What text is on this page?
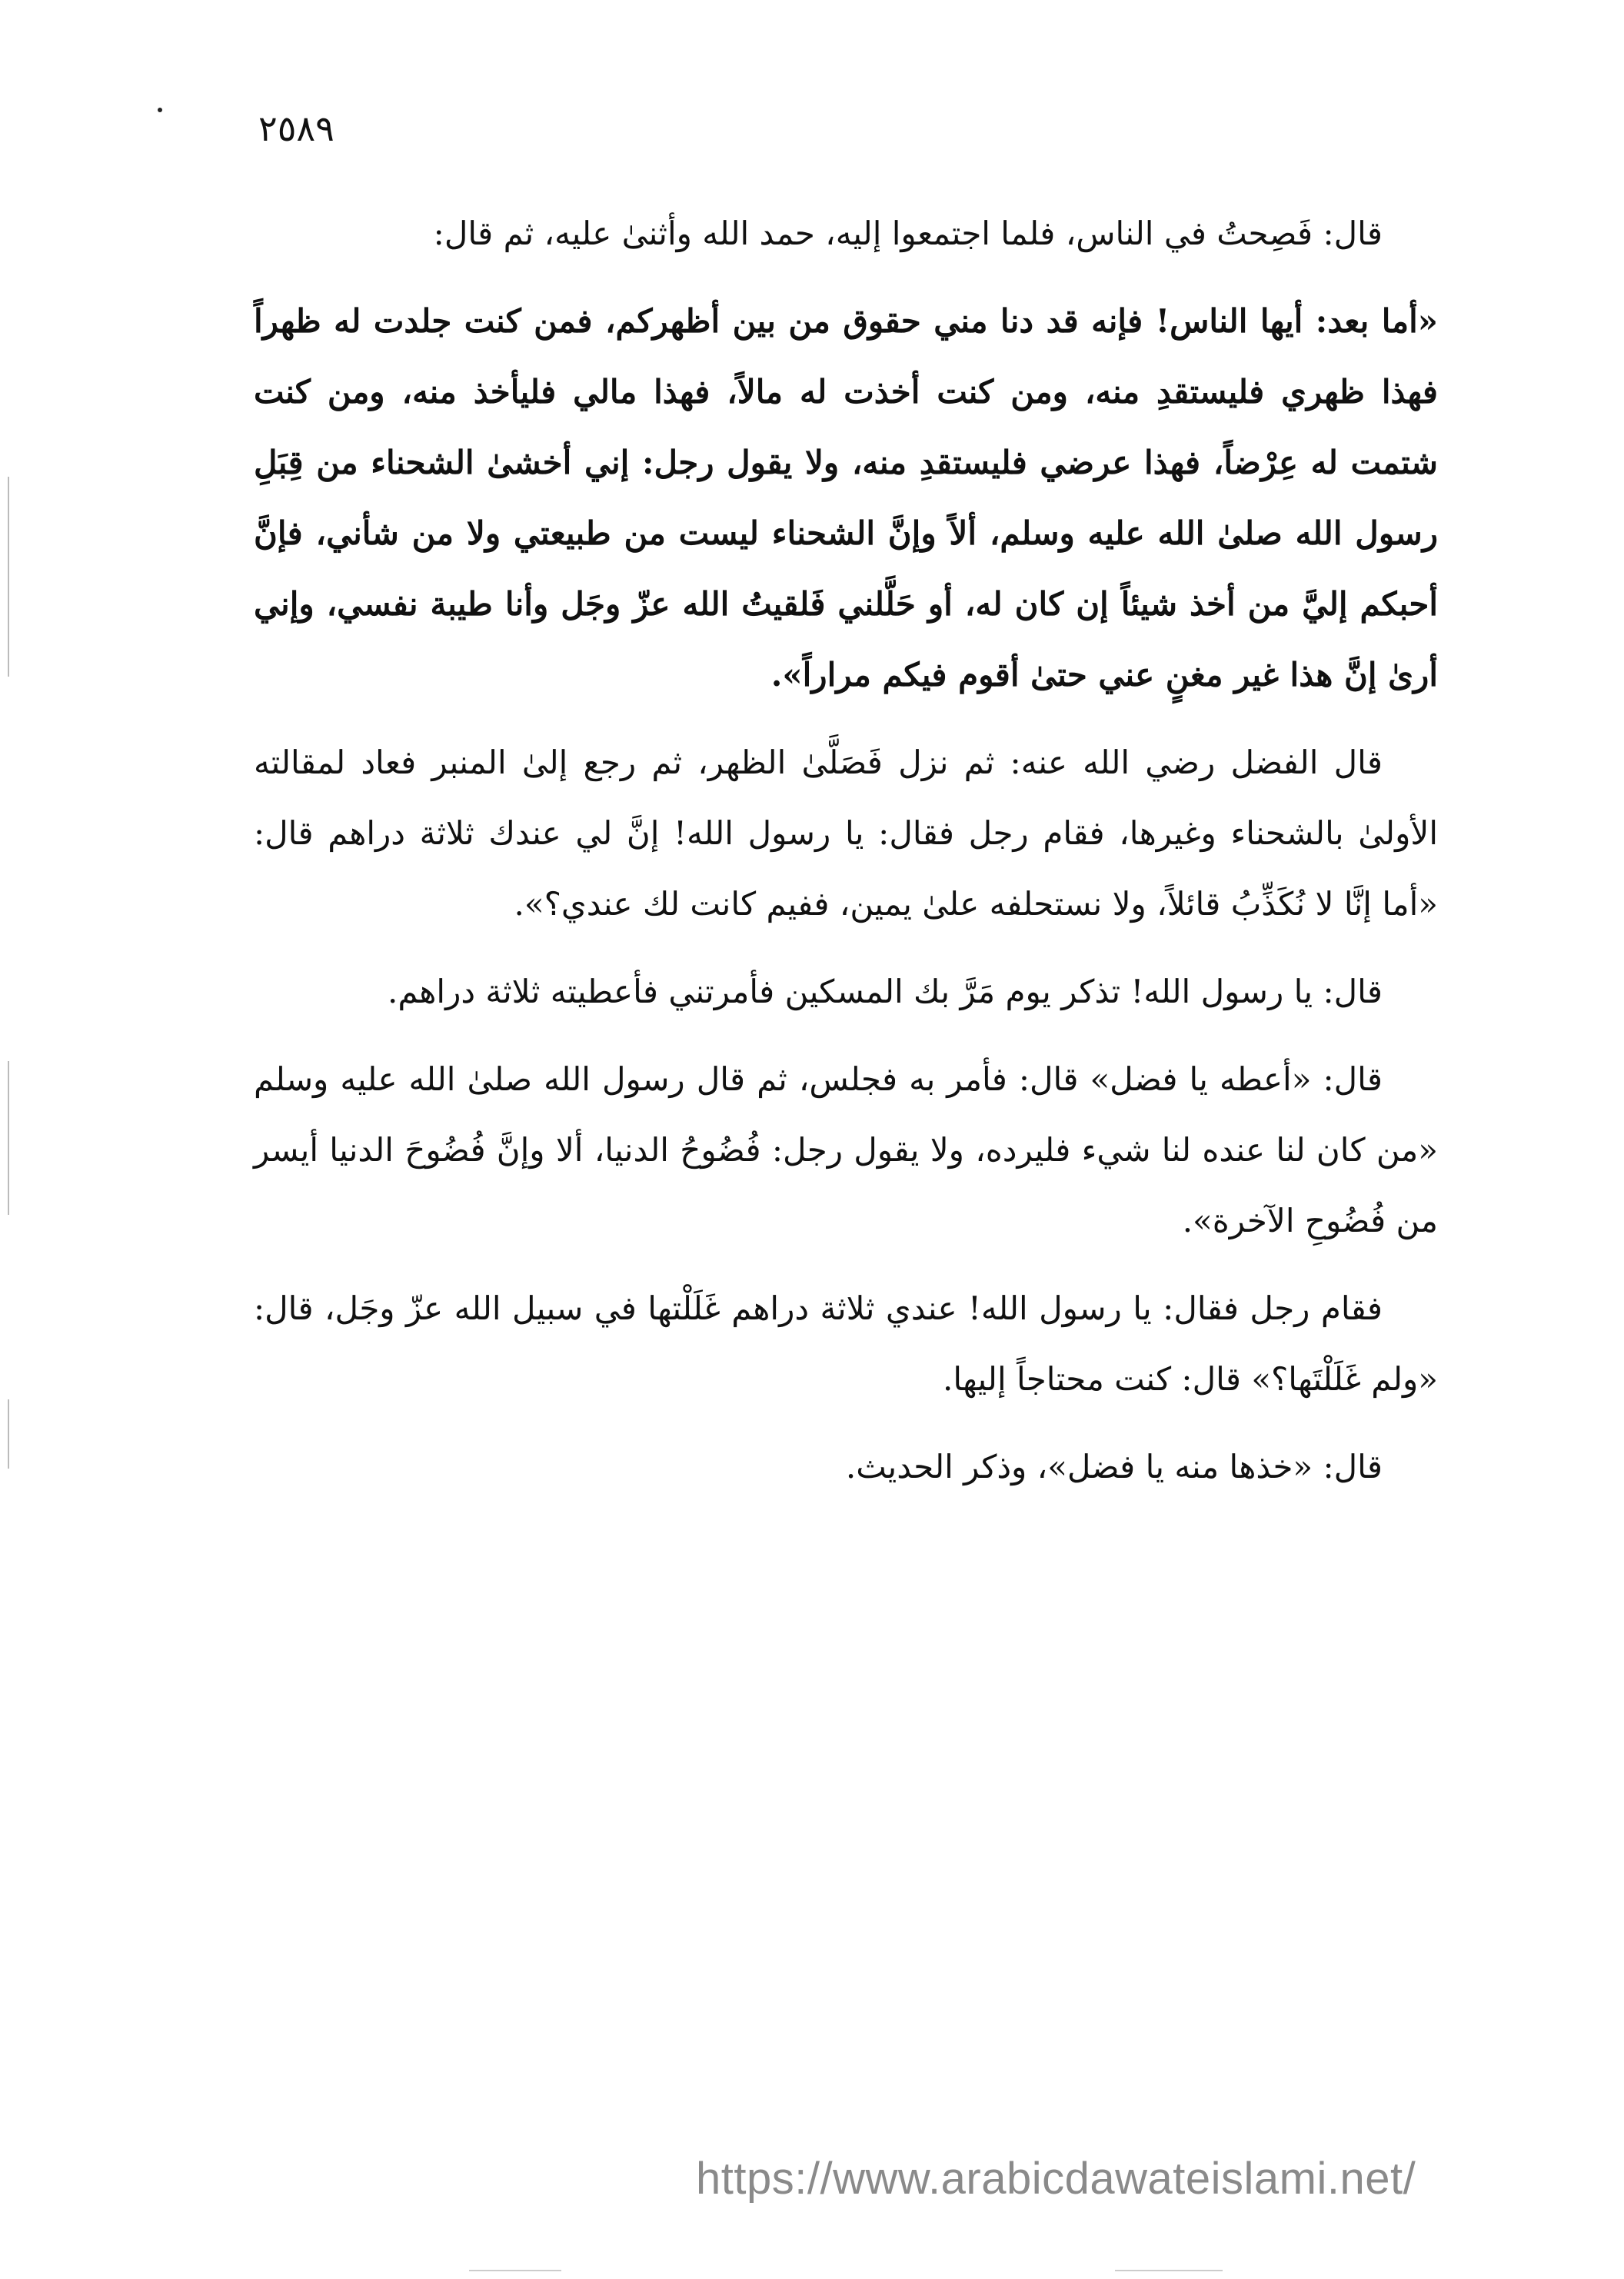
٢٥٨٩

قال: فَصِحتُ في الناس، فلما اجتمعوا إليه، حمد الله وأثنىٰ عليه، ثم قال:

«أما بعد: أيها الناس! فإنه قد دنا مني حقوق من بين أظهركم، فمن كنت جلدت له ظهراً فهذا ظهري فليستقدِ منه، ومن كنت أخذت له مالاً، فهذا مالي فليأخذ منه، ومن كنت شتمت له عِرْضاً، فهذا عرضي فليستقدِ منه، ولا يقول رجل: إني أخشىٰ الشحناء من قِبَلِ رسول الله صلىٰ الله عليه وسلم، ألاً وإنَّ الشحناء ليست من طبيعتي ولا من شأني، فإنَّ أحبكم إليَّ من أخذ شيئاً إن كان له، أو حَلَّلني فَلقيتُ الله عزّ وجَل وأنا طيبة نفسي، وإني أرىٰ إنَّ هذا غير مغنٍ عني حتىٰ أقوم فيكم مراراً».

قال الفضل رضي الله عنه: ثم نزل فَصَلَّىٰ الظهر، ثم رجع إلىٰ المنبر فعاد لمقالته الأولىٰ بالشحناء وغيرها، فقام رجل فقال: يا رسول الله! إنَّ لي عندك ثلاثة دراهم قال: «أما إنَّا لا نُكَذِّبُ قائلاً، ولا نستحلفه علىٰ يمين، ففيم كانت لك عندي؟».

قال: يا رسول الله! تذكر يوم مَرَّ بك المسكين فأمرتني فأعطيته ثلاثة دراهم.

قال: «أعطه يا فضل» قال: فأمر به فجلس، ثم قال رسول الله صلىٰ الله عليه وسلم «من كان لنا عنده لنا شيء فليرده، ولا يقول رجل: فُضُوحُ الدنيا، ألا وإنَّ فُضُوحَ الدنيا أيسر من فُضُوحِ الآخرة».

فقام رجل فقال: يا رسول الله! عندي ثلاثة دراهم غَلَلْتها في سبيل الله عزّ وجَل، قال: «ولم غَلَلْتَها؟» قال: كنت محتاجاً إليها.

قال: «خذها منه يا فضل»، وذكر الحديث.

https://www.arabicdawateislami.net/
